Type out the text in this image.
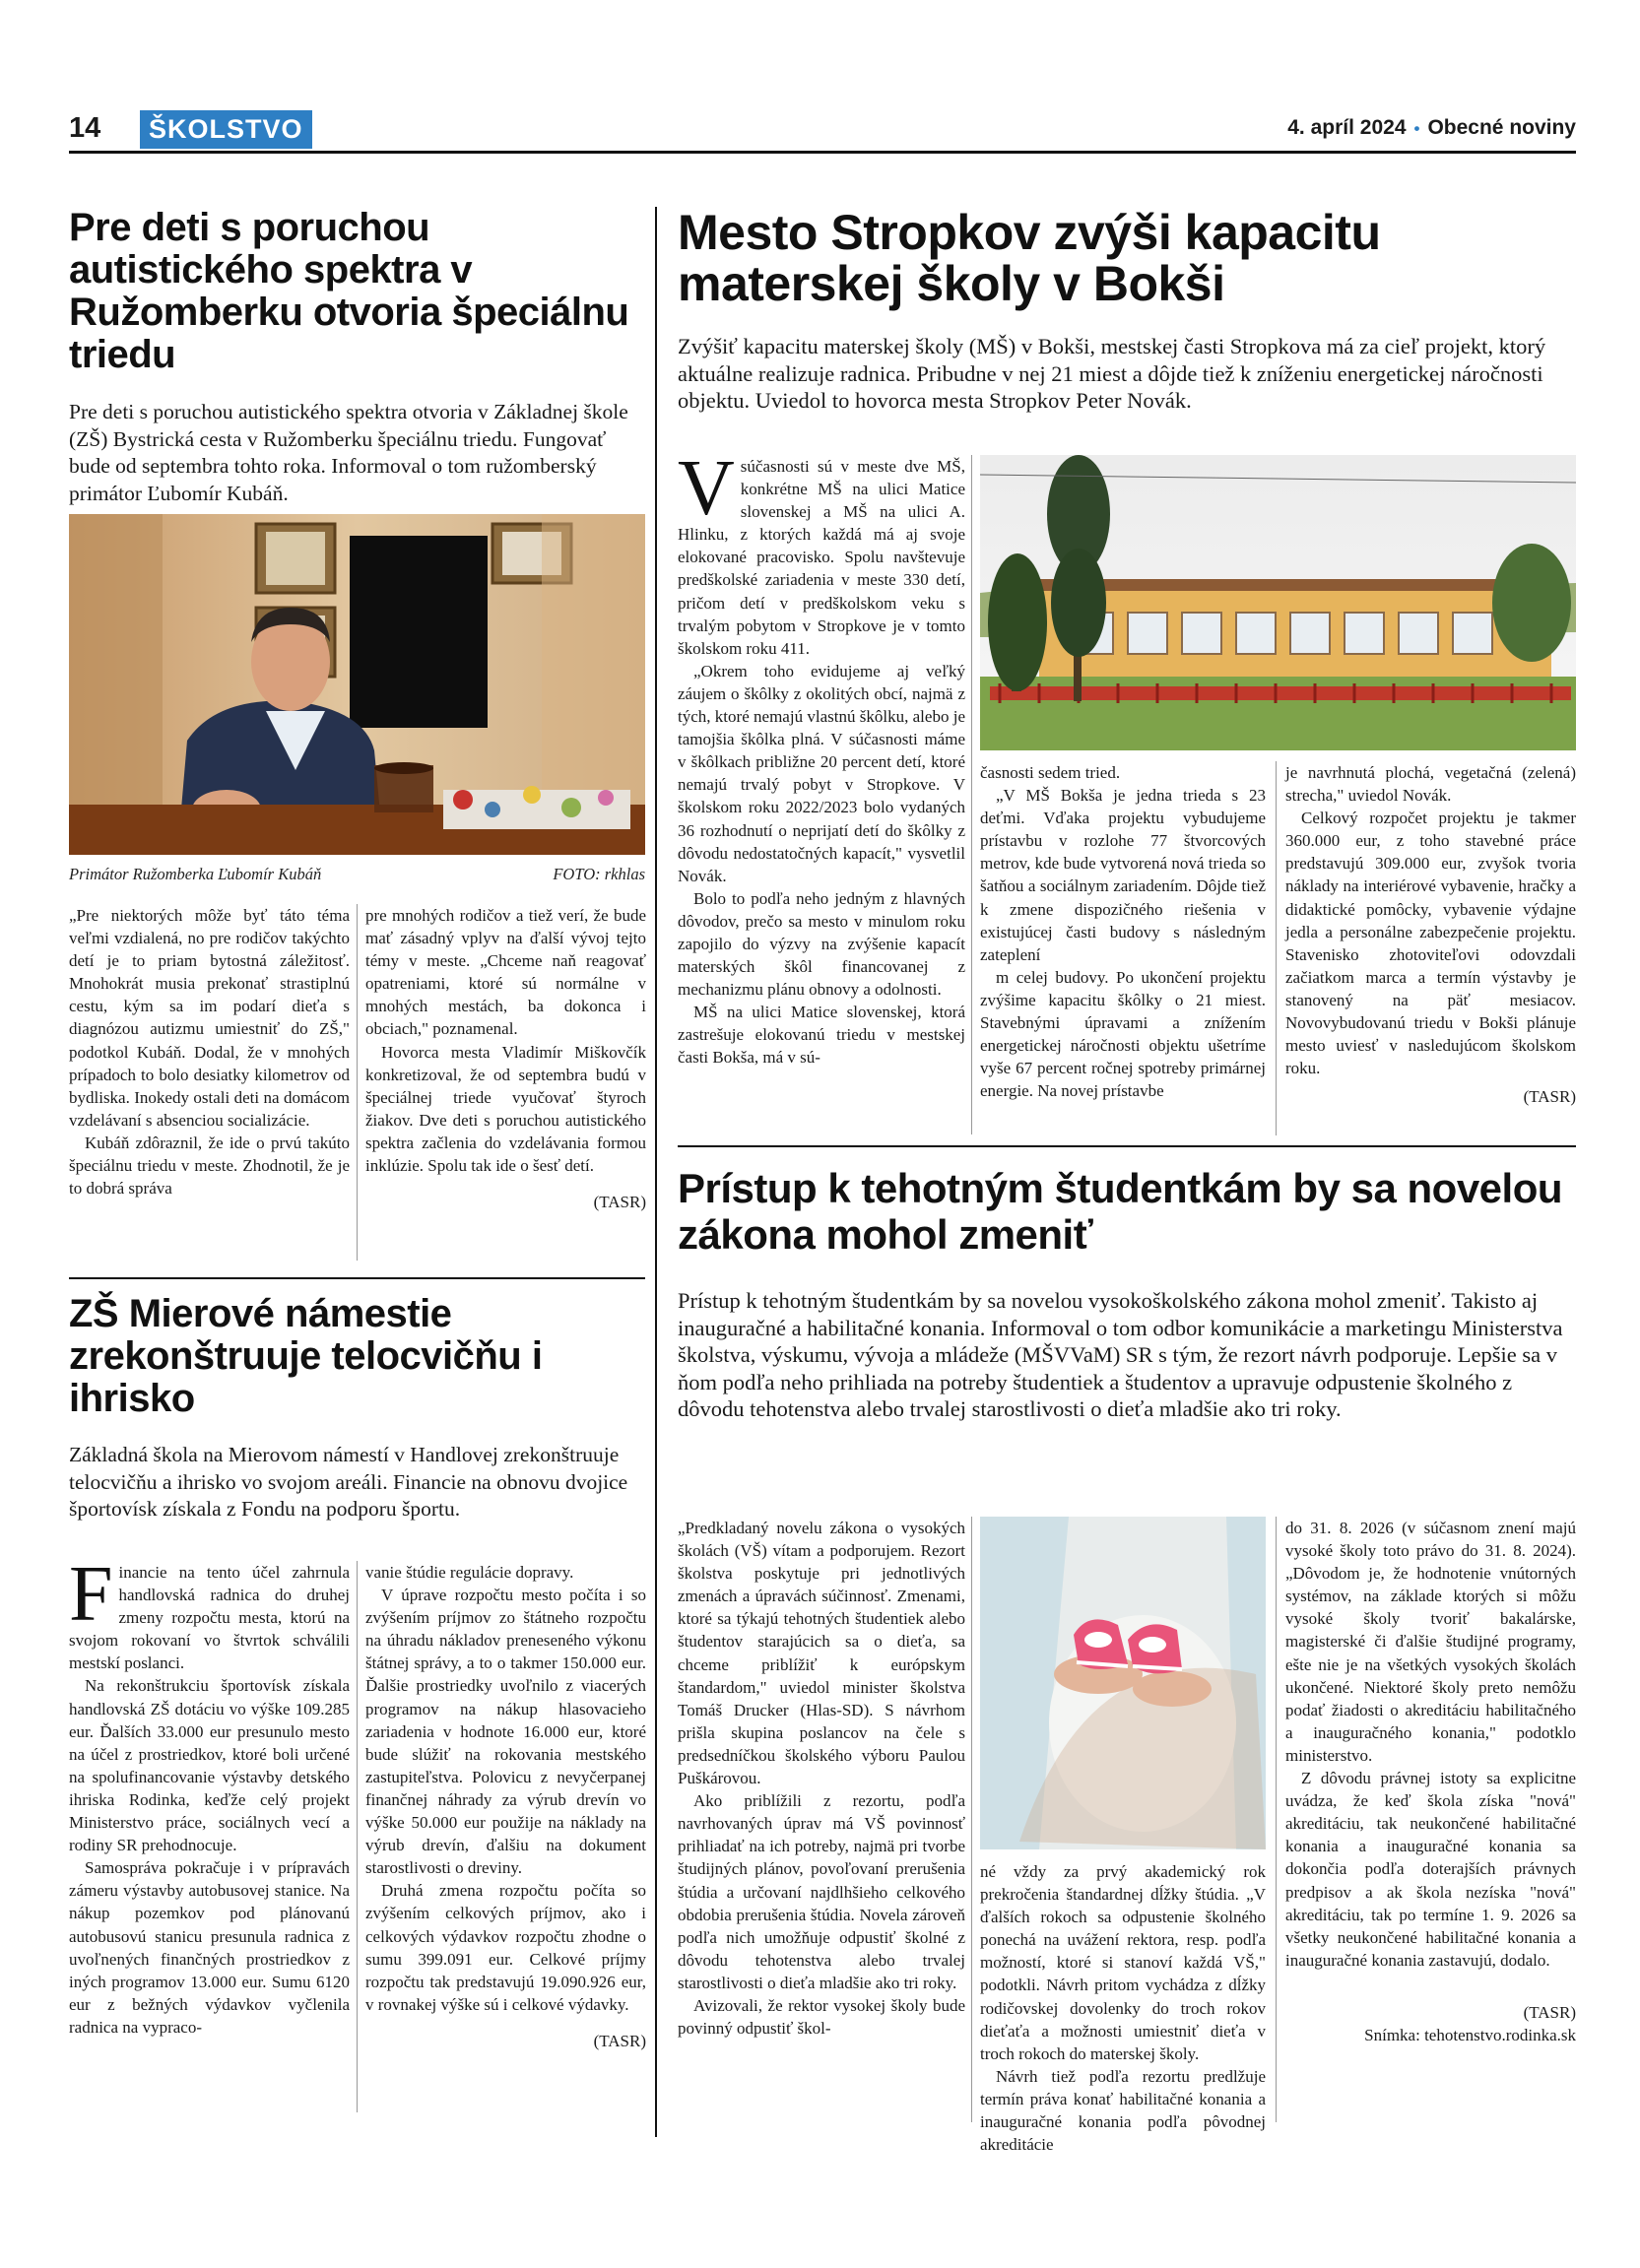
14	ŠKOLSTVO	4. apríl 2024 • Obecné noviny
Pre deti s poruchou autistického spektra v Ružomberku otvoria špeciálnu triedu
Pre deti s poruchou autistického spektra otvoria v Základnej škole (ZŠ) Bystrická cesta v Ružomberku špeciálnu triedu. Fungovať bude od septembra tohto roka. Informoval o tom ružomberský primátor Ľubomír Kubáň.
Primátor Ružomberka Ľubomír Kubáň	FOTO: rkhlas

„Pre niektorých môže byť táto téma veľmi vzdialená, no pre rodičov takýchto detí je to priam bytostná záležitosť. Mnohokrát musia prekonať strastiplnú cestu, kým sa im podarí dieťa s diagnózou autizmu umiestniť do ZŠ," podotkol Kubáň. Dodal, že v mnohých prípadoch to bolo desiatky kilometrov od bydliska. Inokedy ostali deti na domácom vzdelávaní s absenciou socializácie.

Kubáň zdôraznil, že ide o prvú takúto špeciálnu triedu v meste. Zhodnotil, že je to dobrá správa

pre mnohých rodičov a tiež verí, že bude mať zásadný vplyv na ďalší vývoj tejto témy v meste. „Chceme naň reagovať opatreniami, ktoré sú normálne v mnohých mestách, ba dokonca i obciach," poznamenal.

Hovorca mesta Vladimír Miškovčík konkretizoval, že od septembra budú v špeciálnej triede vyučovať štyroch žiakov. Dve deti s poruchou autistického spektra začlenia do vzdelávania formou inklúzie. Spolu tak ide o šesť detí.

(TASR)
ZŠ Mierové námestie zrekonštruuje telocvičňu i ihrisko
Základná škola na Mierovom námestí v Handlovej zrekonštruuje telocvičňu a ihrisko vo svojom areáli. Financie na obnovu dvojice športovísk získala z Fondu na podporu športu.

Financie na tento účel zahrnula handlovská radnica do druhej zmeny rozpočtu mesta, ktorú na svojom rokovaní vo štvrtok schválili mestskí poslanci.

Na rekonštrukciu športovísk získala handlovská ZŠ dotáciu vo výške 109.285 eur. Ďalších 33.000 eur presunulo mesto na účel z prostriedkov, ktoré boli určené na spolufinancovanie výstavby detského ihriska Rodinka, keďže celý projekt Ministerstvo práce, sociálnych vecí a rodiny SR prehodnocuje.

Samospráva pokračuje i v prípravách zámeru výstavby autobusovej stanice. Na nákup pozemkov pod plánovanú autobusovú stanicu presunula radnica z uvoľnených finančných prostriedkov z iných programov 13.000 eur. Sumu 6120 eur z bežných výdavkov vyčlenila radnica na vypraco-

vanie štúdie regulácie dopravy.

V úprave rozpočtu mesto počíta i so zvýšením príjmov zo štátneho rozpočtu na úhradu nákladov preneseného výkonu štátnej správy, a to o takmer 150.000 eur. Ďalšie prostriedky uvoľnilo z viacerých programov na nákup hlasovacieho zariadenia v hodnote 16.000 eur, ktoré bude slúžiť na rokovania mestského zastupiteľstva. Polovicu z nevyčerpanej finančnej náhrady za výrub drevín vo výške 50.000 eur použije na náklady na výrub drevín, ďalšiu na dokument starostlivosti o dreviny.

Druhá zmena rozpočtu počíta so zvýšením celkových príjmov, ako i celkových výdavkov rozpočtu zhodne o sumu 399.091 eur. Celkové príjmy rozpočtu tak predstavujú 19.090.926 eur, v rovnakej výške sú i celkové výdavky.

(TASR)
Mesto Stropkov zvýši kapacitu materskej školy v Bokši
Zvýšiť kapacitu materskej školy (MŠ) v Bokši, mestskej časti Stropkova má za cieľ projekt, ktorý aktuálne realizuje radnica. Pribudne v nej 21 miest a dôjde tiež k zníženiu energetickej náročnosti objektu. Uviedol to hovorca mesta Stropkov Peter Novák.

Vsúčasnosti sú v meste dve MŠ, konkrétne MŠ na ulici Matice slovenskej a MŠ na ulici A. Hlinku, z ktorých každá má aj svoje elokované pracovisko. Spolu navštevuje predškolské zariadenia v meste 330 detí, pričom detí v predškolskom veku s trvalým pobytom v Stropkove je v tomto školskom roku 411.

„Okrem toho evidujeme aj veľký záujem o škôlky z okolitých obcí, najmä z tých, ktoré nemajú vlastnú škôlku, alebo je tamojšia škôlka plná. V súčasnosti máme v škôlkach približne 20 percent detí, ktoré nemajú trvalý pobyt v Stropkove. V školskom roku 2022/2023 bolo vydaných 36 rozhodnutí o neprijatí detí do škôlky z dôvodu nedostatočných kapacít," vysvetlil Novák.

Bolo to podľa neho jedným z hlavných dôvodov, prečo sa mesto v minulom roku zapojilo do výzvy na zvýšenie kapacít materských škôl financovanej z mechanizmu plánu obnovy a odolnosti.

MŠ na ulici Matice slovenskej, ktorá zastrešuje elokovanú triedu v mestskej časti Bokša, má v sú-

časnosti sedem tried.

„V MŠ Bokša je jedna trieda s 23 deťmi. Vďaka projektu vybudujeme prístavbu v rozlohe 77 štvorcových metrov, kde bude vytvorená nová trieda so šatňou a sociálnym zariadením. Dôjde tiež k zmene dispozičného riešenia v existujúcej časti budovy s následným zateplení

m celej budovy. Po ukončení projektu zvýšime kapacitu škôlky o 21 miest. Stavebnými úpravami a znížením energetickej náročnosti objektu ušetríme vyše 67 percent ročnej spotreby primárnej energie. Na novej prístavbe

je navrhnutá plochá, vegetačná (zelená) strecha," uviedol Novák.

Celkový rozpočet projektu je takmer 360.000 eur, z toho stavebné práce predstavujú 309.000 eur, zvyšok tvoria náklady na interiérové vybavenie, hračky a didaktické pomôcky, vybavenie výdajne jedla a personálne zabezpečenie projektu. Stavenisko zhotoviteľovi odovzdali začiatkom marca a termín výstavby je stanovený na päť mesiacov. Novovybudovanú triedu v Bokši plánuje mesto uviesť v nasledujúcom školskom roku.

(TASR)
Prístup k tehotným študentkám by sa novelou zákona mohol zmeniť
Prístup k tehotným študentkám by sa novelou vysokoškolského zákona mohol zmeniť. Takisto aj inauguračné a habilitačné konania. Informoval o tom odbor komunikácie a marketingu Ministerstva školstva, výskumu, vývoja a mládeže (MŠVVaM) SR s tým, že rezort návrh podporuje. Lepšie sa v ňom podľa neho prihliada na potreby študentiek a študentov a upravuje odpustenie školného z dôvodu tehotenstva alebo trvalej starostlivosti o dieťa mladšie ako tri roky.

„Predkladaný novelu zákona o vysokých školách (VŠ) vítam a podporujem. Rezort školstva poskytuje pri jednotlivých zmenách a úpravách súčinnosť. Zmenami, ktoré sa týkajú tehotných študentiek alebo študentov starajúcich sa o dieťa, sa chceme priblížiť k európskym štandardom," uviedol minister školstva Tomáš Drucker (Hlas-SD). S návrhom prišla skupina poslancov na čele s predsedníčkou školského výboru Paulou Puškárovou.

Ako priblížili z rezortu, podľa navrhovaných úprav má VŠ povinnosť prihliadať na ich potreby, najmä pri tvorbe študijných plánov, povoľovaní prerušenia štúdia a určovaní najdlhšieho celkového obdobia prerušenia štúdia. Novela zároveň podľa nich umožňuje odpustiť školné z dôvodu tehotenstva alebo trvalej starostlivosti o dieťa mladšie ako tri roky.

Avizovali, že rektor vysokej školy bude povinný odpustiť škol-

né vždy za prvý akademický rok prekročenia štandardnej dĺžky štúdia. „V ďalších rokoch sa odpustenie školného ponechá na uvážení rektora, resp. podľa možností, ktoré si stanoví každá VŠ," podotkli. Návrh pritom vychádza z dĺžky rodičovskej dovolenky do troch rokov dieťaťa a možnosti umiestniť dieťa v troch rokoch do materskej školy.

Návrh tiež podľa rezortu predlžuje termín práva konať habilitačné konania a inauguračné konania podľa pôvodnej akreditácie

do 31. 8. 2026 (v súčasnom znení majú vysoké školy toto právo do 31. 8. 2024). „Dôvodom je, že hodnotenie vnútorných systémov, na základe ktorých si môžu vysoké školy tvoriť bakalárske, magisterské či ďalšie študijné programy, ešte nie je na všetkých vysokých školách ukončené. Niektoré školy preto nemôžu podať žiadosti o akreditáciu habilitačného a inauguračného konania," podotklo ministerstvo.

Z dôvodu právnej istoty sa explicitne uvádza, že keď škola získa "nová" akreditáciu, tak neukončené habilitačné konania a inauguračné konania sa dokončia podľa doterajších právnych predpisov a ak škola nezíska "nová" akreditáciu, tak po termíne 1. 9. 2026 sa všetky neukončené habilitačné konania a inauguračné konania zastavujú, dodalo.

(TASR)
Snímka: tehotenstvo.rodinka.sk
